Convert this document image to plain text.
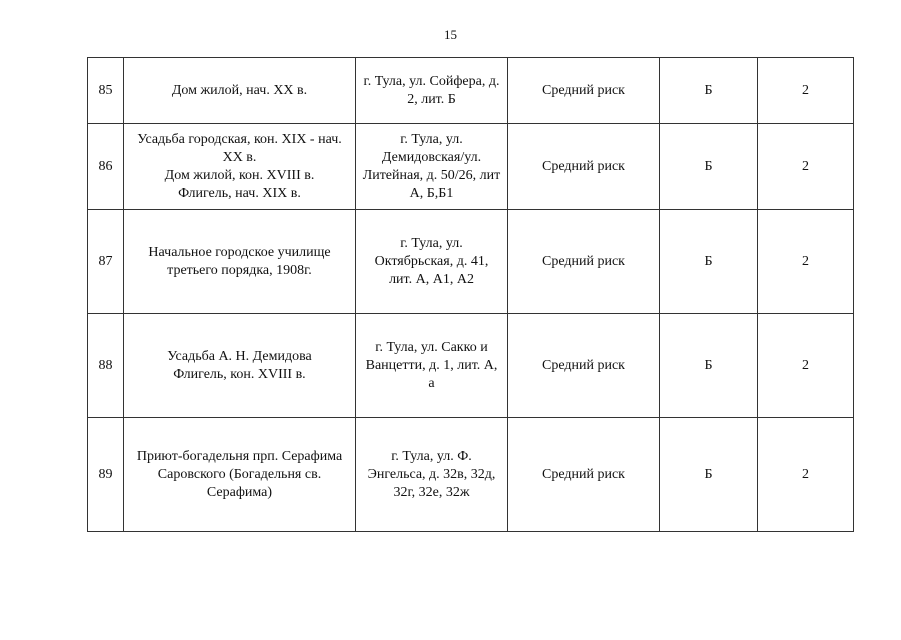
15
85	Дом жилой, нач. XX в.	г. Тула, ул. Сойфера, д.
2, лит. Б	Средний риск	Б	2
86	Усадьба городская, кон. XIX - нач.
XX в.
Дом жилой, кон. XVIII в.
Флигель, нач. XIX в.	г. Тула, ул.
Демидовская/ул.
Литейная, д. 50/26, лит
А, Б,Б1	Средний риск	Б	2
87	Начальное городское училище
третьего порядка, 1908г.	г. Тула, ул.
Октябрьская, д. 41,
лит. А, А1, А2	Средний риск	Б	2
88	Усадьба А. Н. Демидова
Флигель, кон. XVIII в.	г. Тула, ул. Сакко и
Ванцетти, д. 1, лит. А,
а	Средний риск	Б	2
89	Приют-богадельня прп. Серафима
Саровского (Богадельня св.
Серафима)	г. Тула, ул. Ф.
Энгельса, д. 32в, 32д,
32г, 32е, 32ж	Средний риск	Б	2
